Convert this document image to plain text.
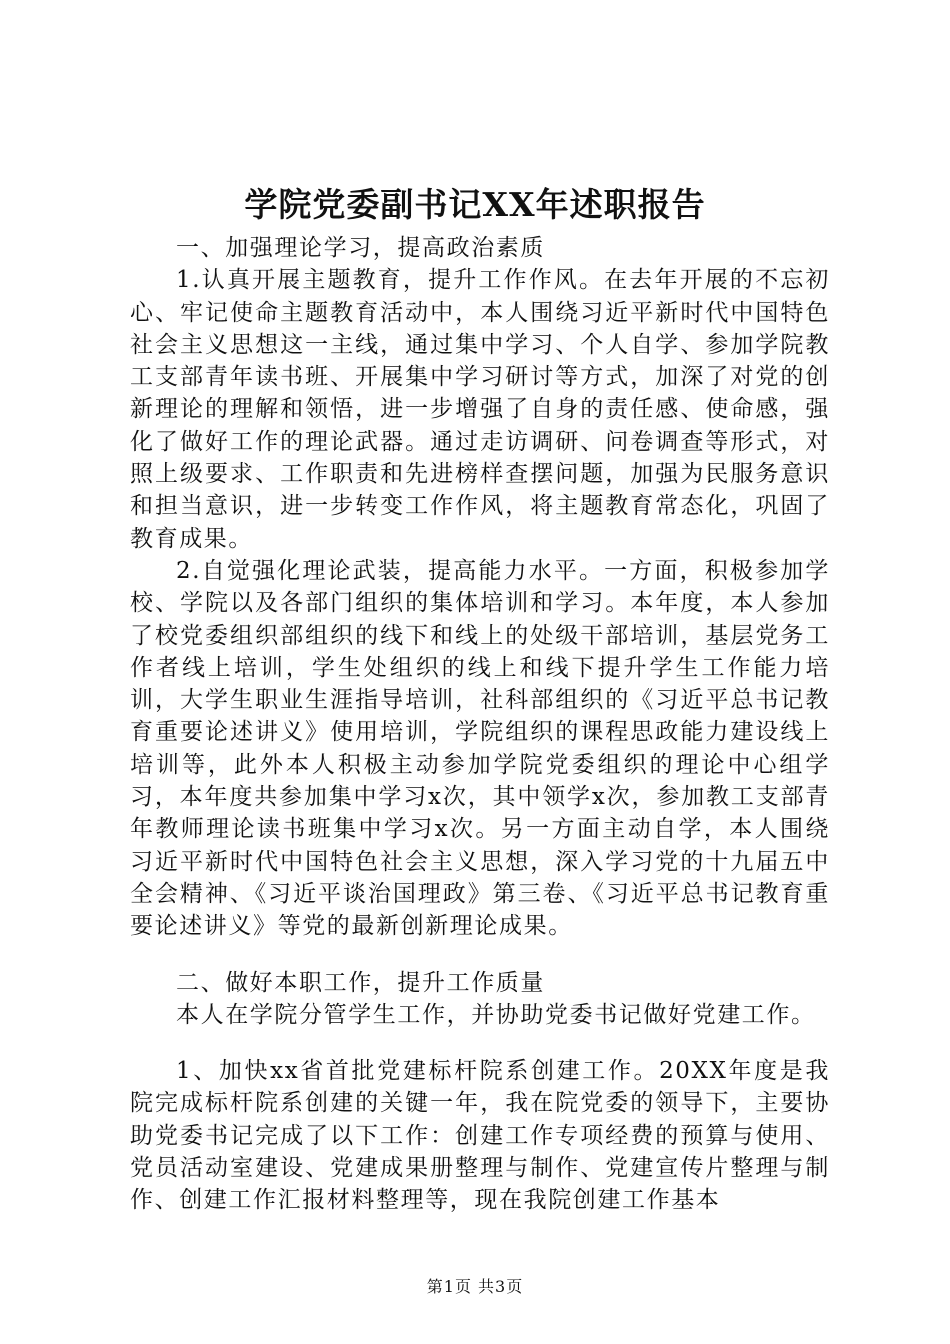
学院党委副书记XX年述职报告

一、加强理论学习，提高政治素质

1.认真开展主题教育，提升工作作风。在去年开展的不忘初心、牢记使命主题教育活动中，本人围绕习近平新时代中国特色社会主义思想这一主线，通过集中学习、个人自学、参加学院教工支部青年读书班、开展集中学习研讨等方式，加深了对党的创新理论的理解和领悟，进一步增强了自身的责任感、使命感，强化了做好工作的理论武器。通过走访调研、问卷调查等形式，对照上级要求、工作职责和先进榜样查摆问题，加强为民服务意识和担当意识，进一步转变工作作风，将主题教育常态化，巩固了教育成果。

2.自觉强化理论武装，提高能力水平。一方面，积极参加学校、学院以及各部门组织的集体培训和学习。本年度，本人参加了校党委组织部组织的线下和线上的处级干部培训，基层党务工作者线上培训，学生处组织的线上和线下提升学生工作能力培训，大学生职业生涯指导培训，社科部组织的《习近平总书记教育重要论述讲义》使用培训，学院组织的课程思政能力建设线上培训等，此外本人积极主动参加学院党委组织的理论中心组学习，本年度共参加集中学习x次，其中领学x次，参加教工支部青年教师理论读书班集中学习x次。另一方面主动自学，本人围绕习近平新时代中国特色社会主义思想，深入学习党的十九届五中全会精神、《习近平谈治国理政》第三卷、《习近平总书记教育重要论述讲义》等党的最新创新理论成果。

二、做好本职工作，提升工作质量

本人在学院分管学生工作，并协助党委书记做好党建工作。

1、加快xx省首批党建标杆院系创建工作。20XX年度是我院完成标杆院系创建的关键一年，我在院党委的领导下，主要协助党委书记完成了以下工作：创建工作专项经费的预算与使用、党员活动室建设、党建成果册整理与制作、党建宣传片整理与制作、创建工作汇报材料整理等，现在我院创建工作基本

第1页 共3页
